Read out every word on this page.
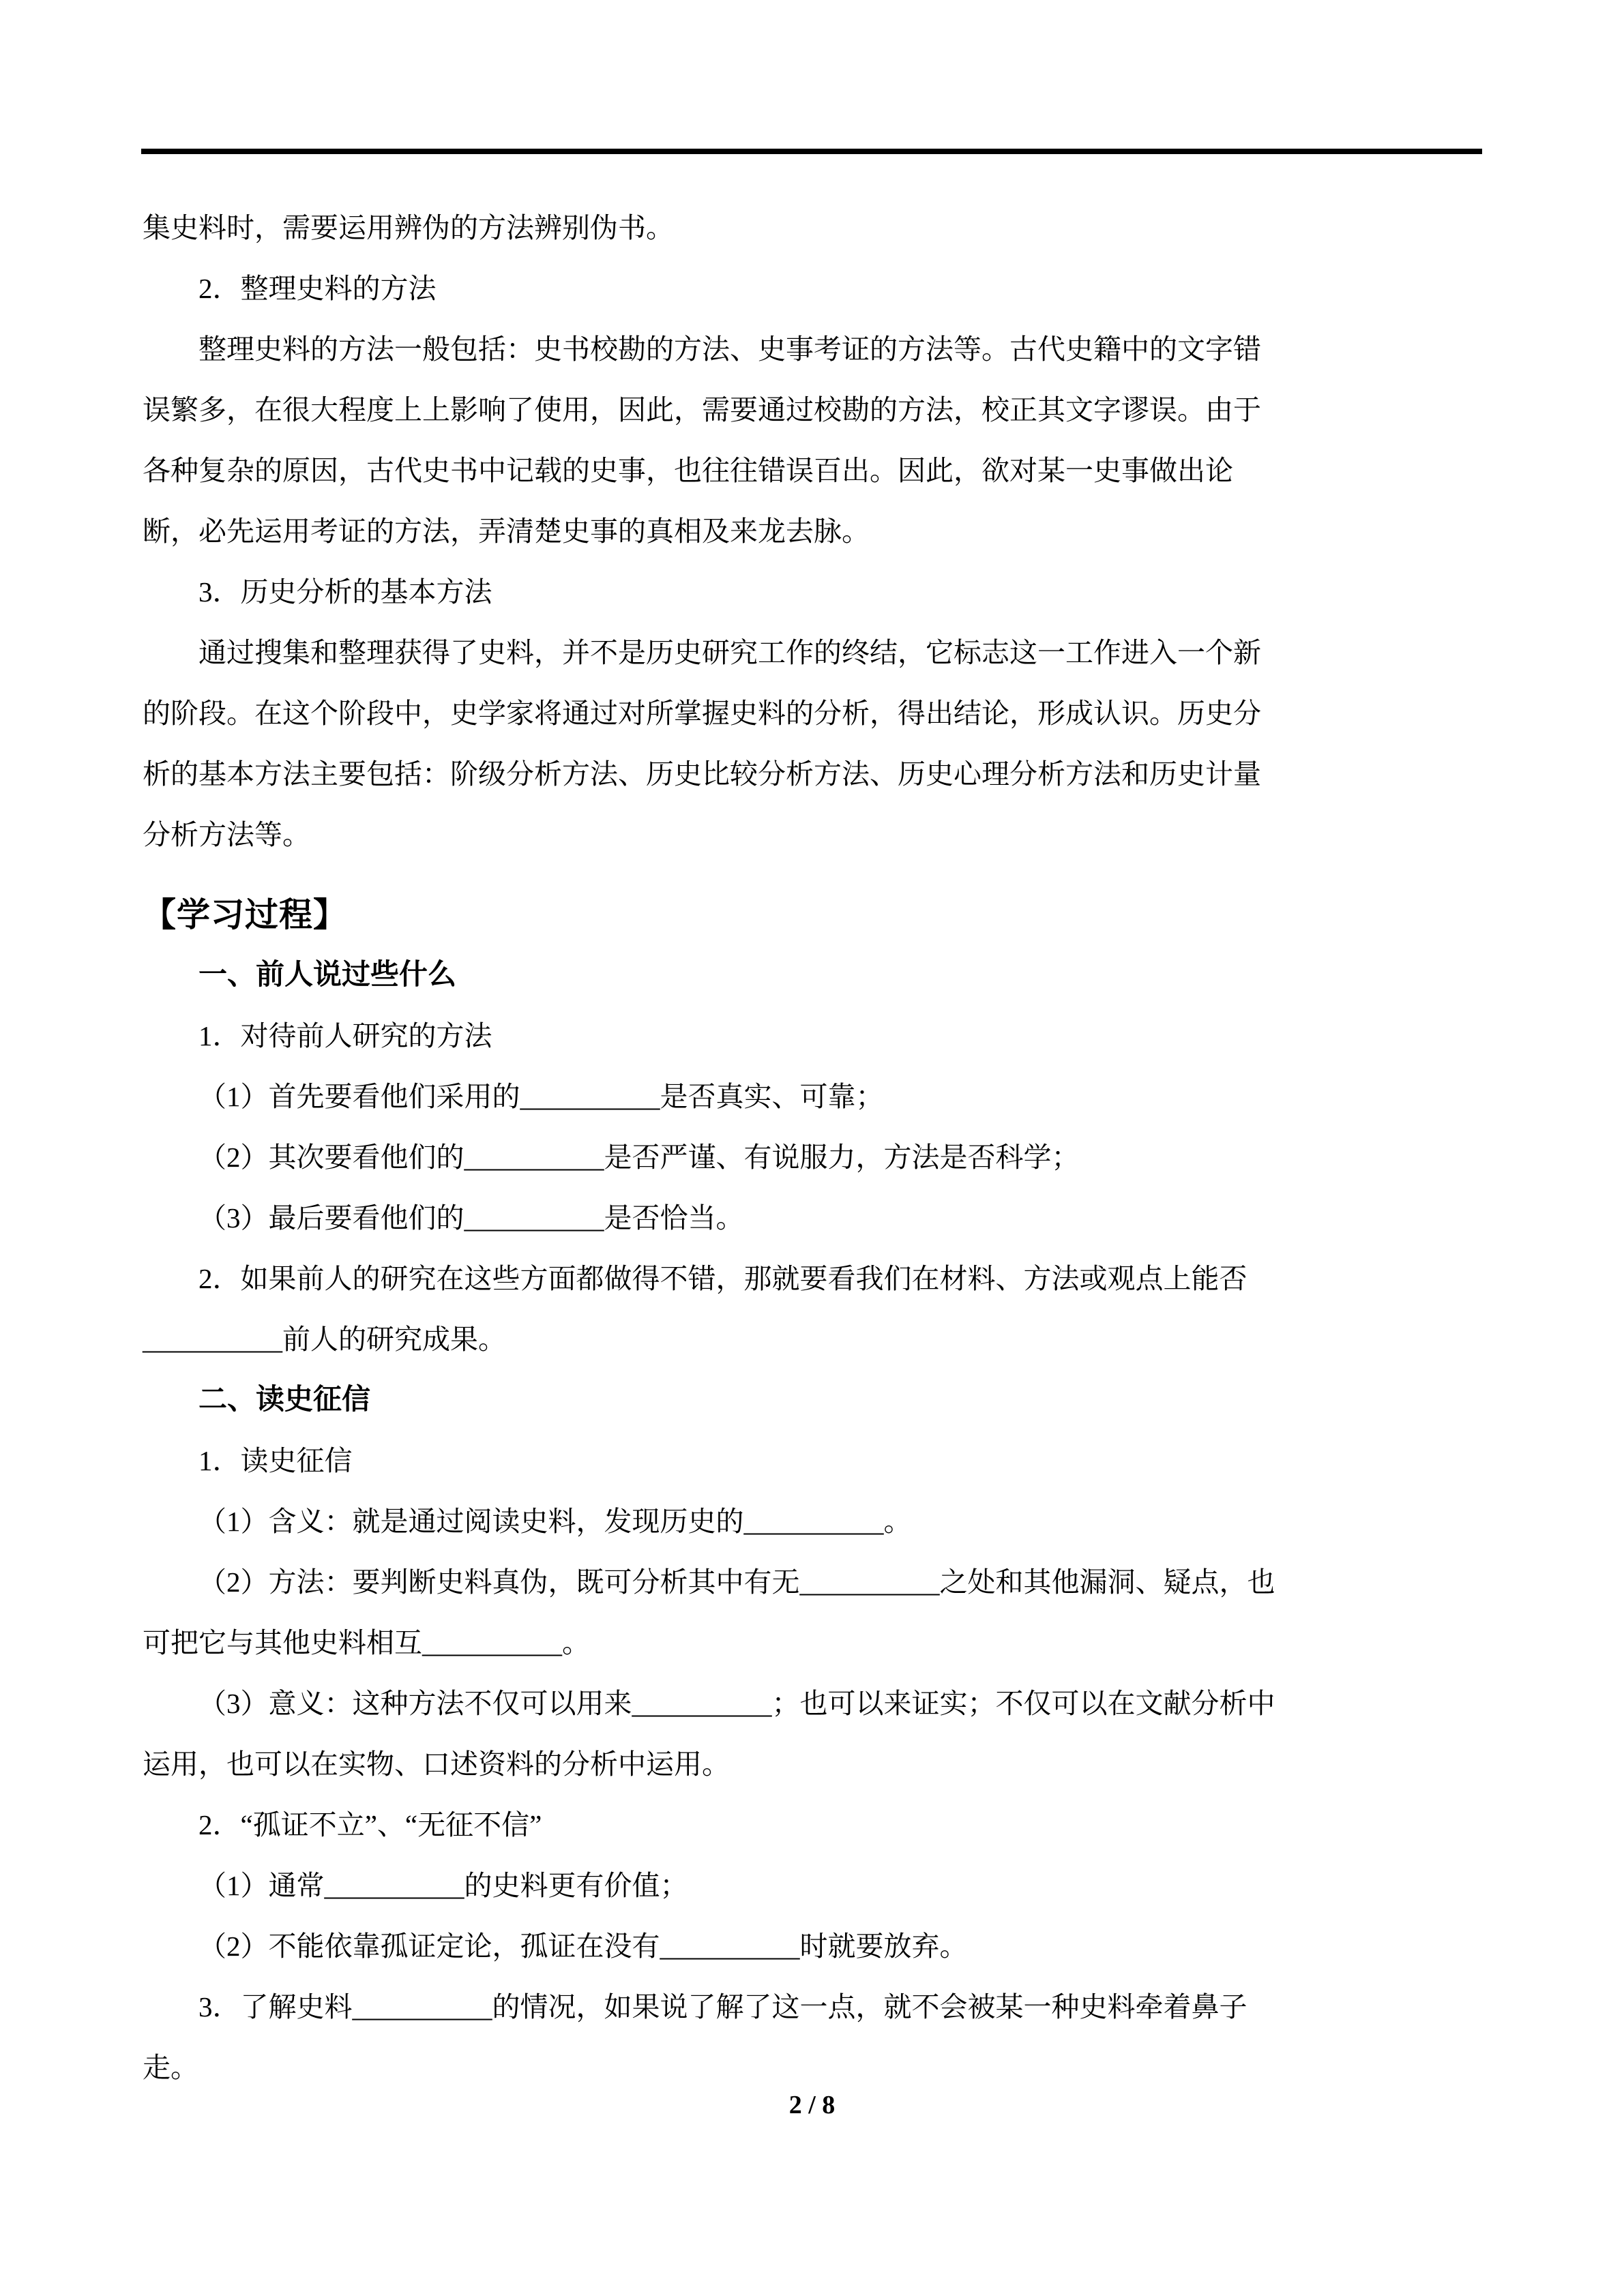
集史料时，需要运用辨伪的方法辨别伪书。

2．整理史料的方法

整理史料的方法一般包括：史书校勘的方法、史事考证的方法等。古代史籍中的文字错

误繁多，在很大程度上上影响了使用，因此，需要通过校勘的方法，校正其文字谬误。由于

各种复杂的原因，古代史书中记载的史事，也往往错误百出。因此，欲对某一史事做出论

断，必先运用考证的方法，弄清楚史事的真相及来龙去脉。

3．历史分析的基本方法

通过搜集和整理获得了史料，并不是历史研究工作的终结，它标志这一工作进入一个新

的阶段。在这个阶段中，史学家将通过对所掌握史料的分析，得出结论，形成认识。历史分

析的基本方法主要包括：阶级分析方法、历史比较分析方法、历史心理分析方法和历史计量

分析方法等。

【学习过程】

一、前人说过些什么

1．对待前人研究的方法

（1）首先要看他们采用的__________是否真实、可靠；

（2）其次要看他们的__________是否严谨、有说服力，方法是否科学；

（3）最后要看他们的__________是否恰当。

2．如果前人的研究在这些方面都做得不错，那就要看我们在材料、方法或观点上能否

__________前人的研究成果。

二、读史征信

1．读史征信

（1）含义：就是通过阅读史料，发现历史的__________。

（2）方法：要判断史料真伪，既可分析其中有无__________之处和其他漏洞、疑点，也

可把它与其他史料相互__________。

（3）意义：这种方法不仅可以用来__________；也可以来证实；不仅可以在文献分析中

运用，也可以在实物、口述资料的分析中运用。

2．“孤证不立”、“无征不信”

（1）通常__________的史料更有价值；

（2）不能依靠孤证定论，孤证在没有__________时就要放弃。

3．了解史料__________的情况，如果说了解了这一点，就不会被某一种史料牵着鼻子

走。

2 / 8
